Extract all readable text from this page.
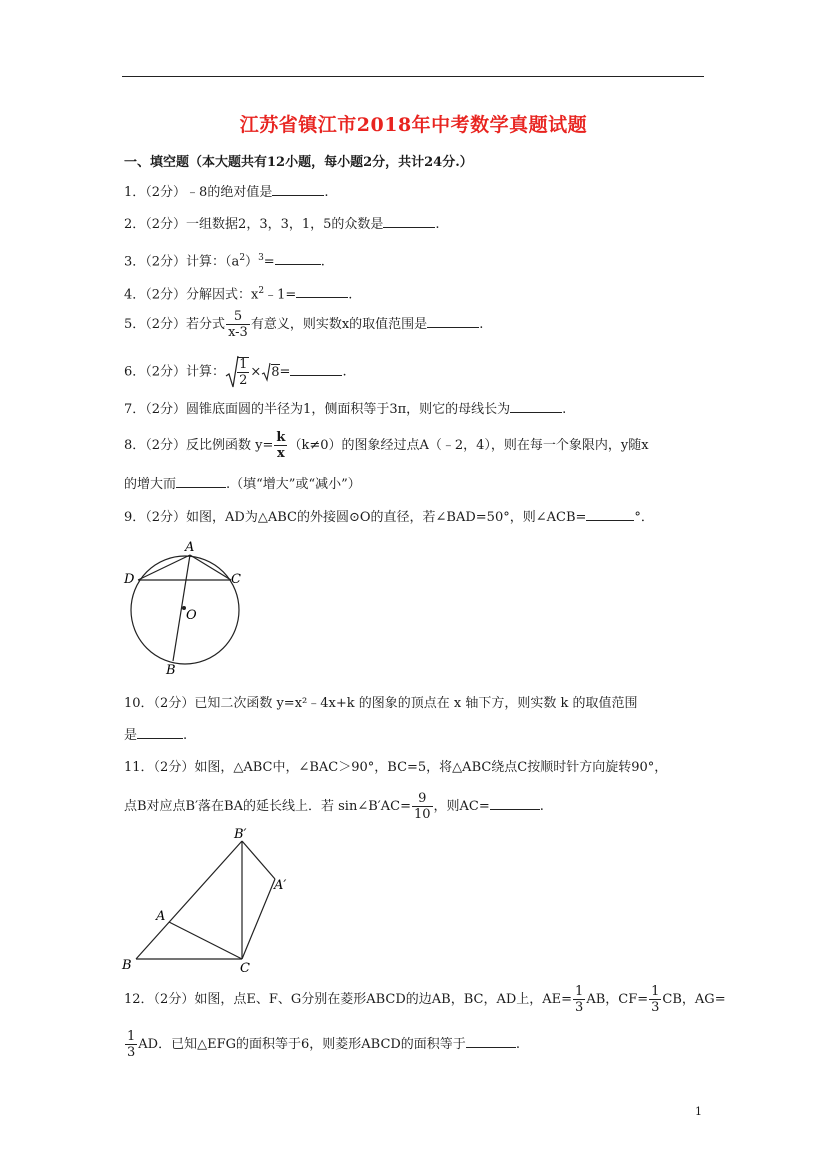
江苏省镇江市2018年中考数学真题试题
一、填空题（本大题共有12小题，每小题2分，共计24分.）
1．（2分）﹣8的绝对值是	.
2．（2分）一组数据2，3，3，1，5的众数是	.
3．（2分）计算：$(a^2)^3=$	.
4．（2分）分解因式：$x^2﹣1=$	.
5．（2分）若分式 $\frac{5}{x-3}$ 有意义，则实数x的取值范围是	.
6．（2分）计算： $\frac{1}{2} \times 8=$	.
7．（2分）圆锥底面圆的半径为1，侧面积等于3π，则它的母线长为	.
8．（2分）反比例函数 $y= \frac{k}{x} (k\ne 0)$的图象经过点A（﹣2，4），则在每一个象限内，y随x
的增大而	.（填“增大”或“减小”）
9．（2分）如图，AD为△ABC的外接圆⊙O的直径，若∠BAD=50°，则∠ACB=	°．
A
D	C
O
B
10．（2分）已知二次函数 y=x²﹣4x+k 的图象的顶点在 x 轴下方，则实数 k 的取值范围
是	.
11．（2分）如图，△ABC中，∠BAC＞90°，BC=5，将△ABC绕点C按顺时针方向旋转90°，
点B对应点B′落在BA的延长线上．若 sin∠B′AC= $\frac{9}{10}$ ，则AC=	.
B′
A′
A
B	C
12．（2分）如图，点E、F、G分别在菱形ABCD的边AB，BC，AD上，$AE= \frac{1}{3}$ AB，$CF= \frac{1}{3}$ CB，AG=
$\frac{1}{3}$ AD．已知△EFG的面积等于6，则菱形ABCD的面积等于	.
1
